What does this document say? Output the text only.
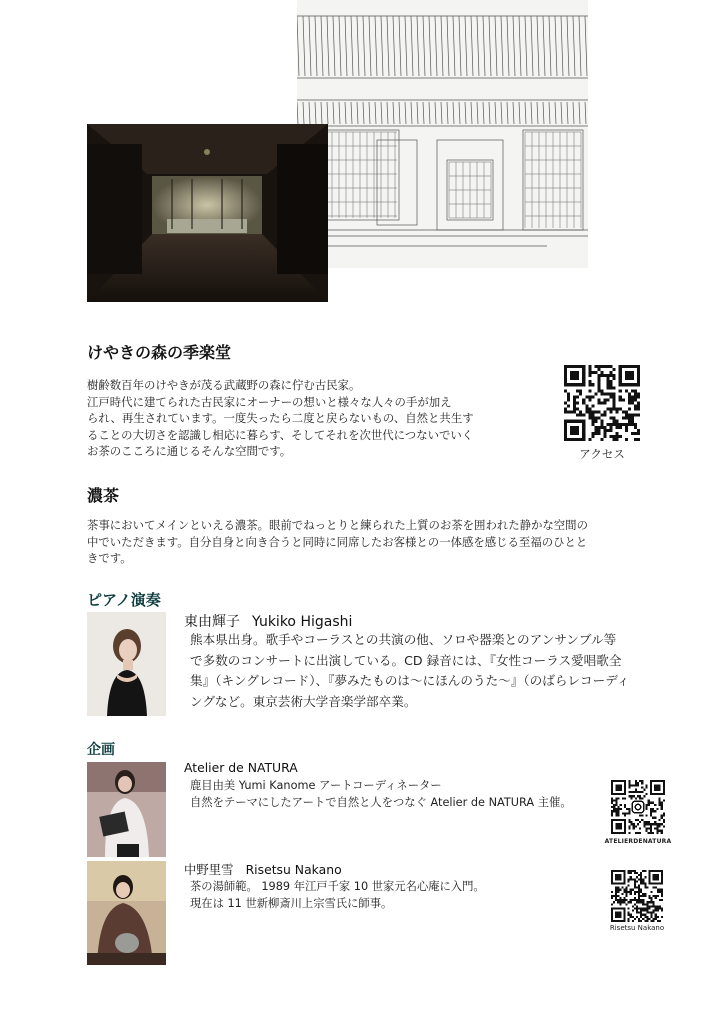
けやきの森の季楽堂

樹齢数百年のけやきが茂る武蔵野の森に佇む古民家。

江戸時代に建てられた古民家にオーナーの想いと様々な人々の手が加え

られ、再生されています。一度失ったら二度と戻らないもの、自然と共生す

ることの大切さを認識し相応に暮らす、そしてそれを次世代につないでいく

お茶のこころに通じるそんな空間です。	アクセス
濃茶

茶事においてメインといえる濃茶。眼前でねっとりと練られた上質のお茶を囲われた静かな空間の

中でいただきます。自分自身と向き合うと同時に同席したお客様との一体感を感じる至福のひとと

きです。

ピアノ演奏
東由輝子 Yukiko Higashi

熊本県出身。歌手やコーラスとの共演の他、ソロや器楽とのアンサンブル等

で多数のコンサートに出演している。CD 録音には、『女性コーラス愛唱歌全

集』（キングレコード）、『夢みたものは〜にほんのうた〜』（のばらレコーディ

ングなど。東京芸術大学音楽学部卒業。

企画
Atelier de NATURA

鹿目由美 Yumi Kanome アートコーディネーター

自然をテーマにしたアートで自然と人をつなぐ Atelier de NATURA 主催。

ATELIERDENATURA
中野里雪 Risetsu Nakano

茶の湯師範。 1989 年江戸千家 10 世家元名心庵に入門。

現在は 11 世新柳斎川上宗雪氏に師事。

Risetsu Nakano
